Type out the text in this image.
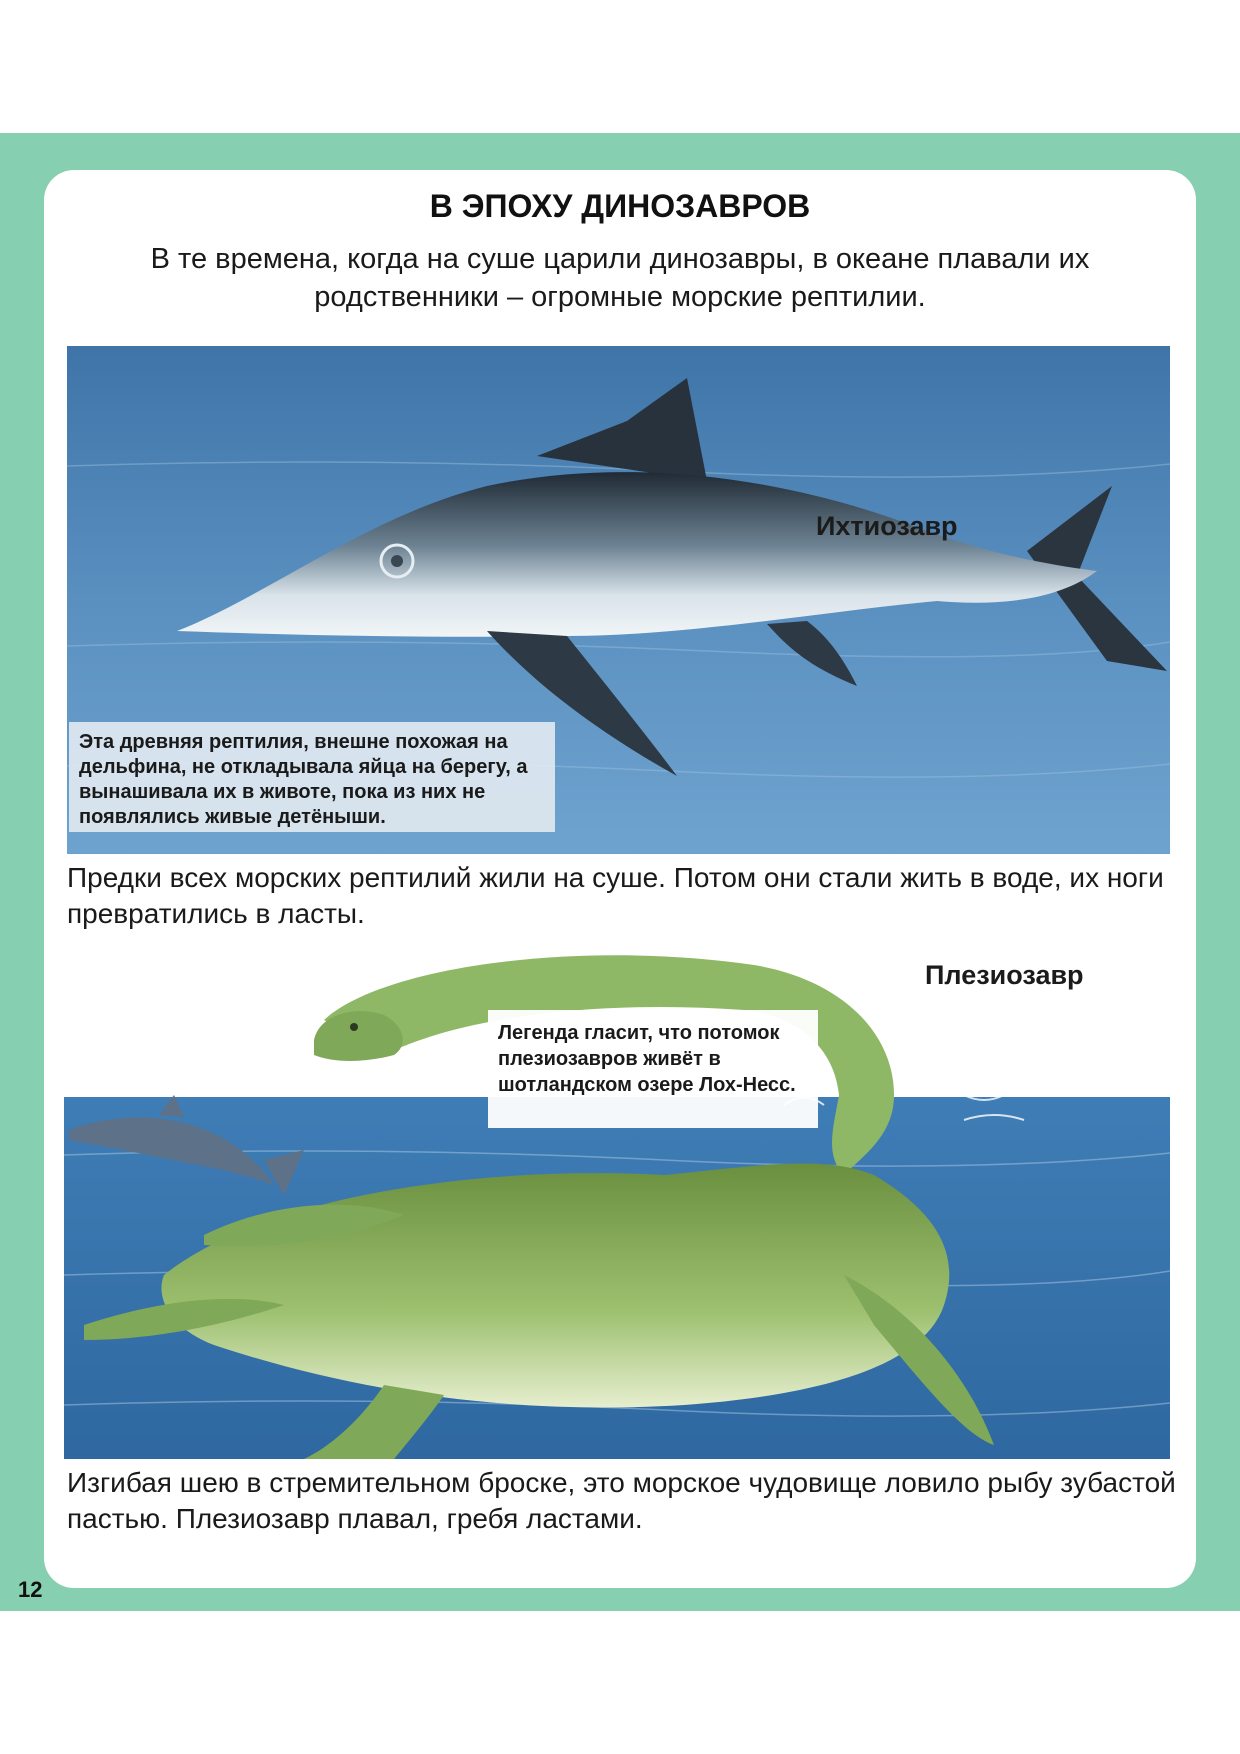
В ЭПОХУ ДИНОЗАВРОВ
В те времена, когда на суше царили динозавры, в океане плавали их родственники – огромные морские рептилии.
Ихтиозавр
Эта древняя рептилия, внешне похожая на дельфина, не откладывала яйца на берегу, а вынашивала их в животе, пока из них не появлялись живые детёныши.
Предки всех морских рептилий жили на суше. Потом они стали жить в воде, их ноги превратились в ласты.
Плезиозавр
Легенда гласит, что потомок плезиозавров живёт в шотландском озере Лох-Несс.
Изгибая шею в стремительном броске, это морское чудовище ловило рыбу зубастой пастью. Плезиозавр плавал, гребя ластами.
12
